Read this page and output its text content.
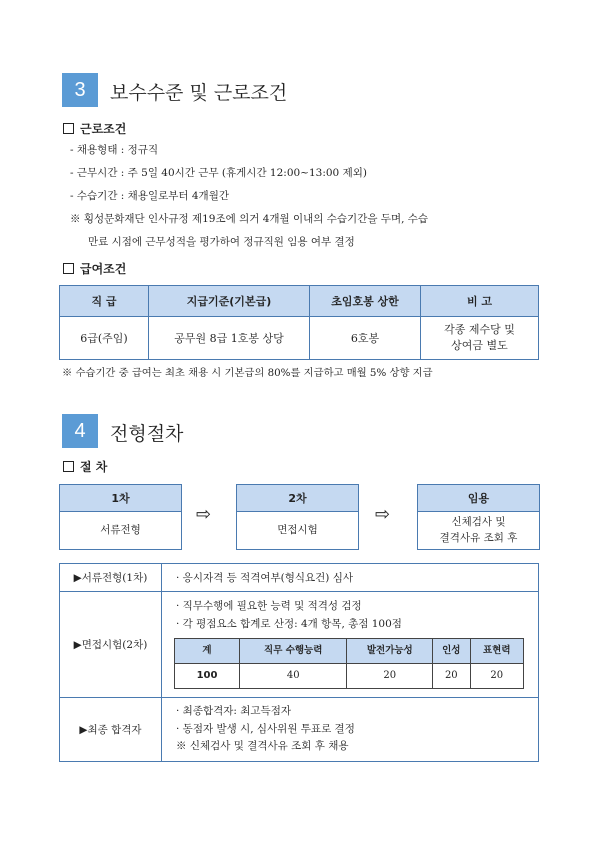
3	보수수준 및 근로조건
근로조건
- 채용형태 : 정규직
- 근무시간 : 주 5일 40시간 근무 (휴게시간 12:00~13:00 제외)
- 수습기간 : 채용일로부터 4개월간
※ 횡성문화재단 인사규정 제19조에 의거 4개월 이내의 수습기간을 두며, 수습
만료 시점에 근무성적을 평가하여 정규직원 임용 여부 결정
급여조건
직 급	지급기준(기본급)	초임호봉 상한	비 고
6급(주임)	공무원 8급 1호봉 상당	6호봉	각종 제수당 및
상여금 별도
※ 수습기간 중 급여는 최초 채용 시 기본급의 80%를 지급하고 매월 5% 상향 지급
4	전형절차
절 차
1차
서류전형
⇨
2차
면접시험
⇨
임용
신체검사 및
결격사유 조회 후
▶서류전형(1차)	· 응시자격 등 적격여부(형식요건) 심사
▶면접시험(2차)	
· 직무수행에 필요한 능력 및 적격성 검정
· 각 평점요소 합계로 산정: 4개 항목, 총점 100점
계	직무 수행능력	발전가능성	인성	표현력
100	40	20	20	20

▶최종 합격자	
· 최종합격자: 최고득점자
· 동점자 발생 시, 심사위원 투표로 결정
※ 신체검사 및 결격사유 조회 후 채용
